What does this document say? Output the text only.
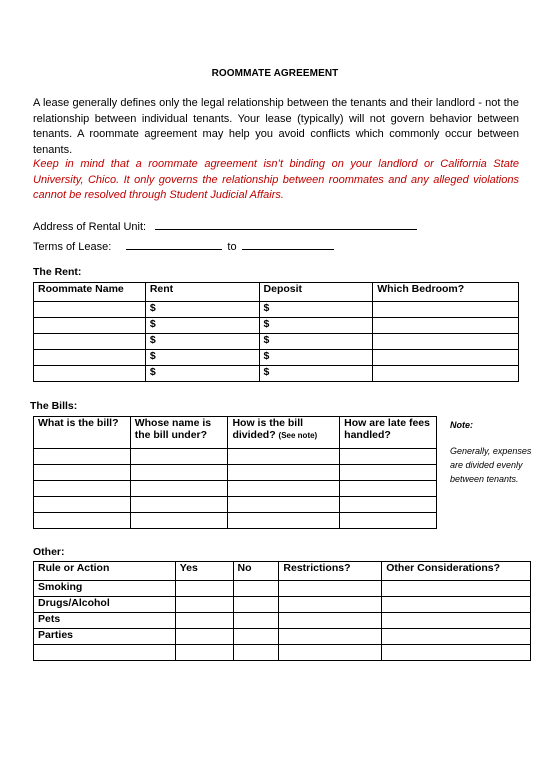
ROOMMATE AGREEMENT
A lease generally defines only the legal relationship between the tenants and their landlord - not the relationship between individual tenants. Your lease (typically) will not govern behavior between tenants. A roommate agreement may help you avoid conflicts which commonly occur between tenants.
Keep in mind that a roommate agreement isn’t binding on your landlord or California State University, Chico. It only governs the relationship between roommates and any alleged violations cannot be resolved through Student Judicial Affairs.
Address of Rental Unit:
Terms of Lease:	to
The Rent:
Roommate Name	Rent	Deposit	Which Bedroom?
	$	$	
	$	$	
	$	$	
	$	$	
	$	$	
The Bills:
What is the bill?	Whose name is the bill under?	How is the bill divided? (See note)	How are late fees handled?

Note:
Generally, expenses are divided evenly between tenants.
Other:
Rule or Action	Yes	No	Restrictions?	Other Considerations?
Smoking				
Drugs/Alcohol				
Pets				
Parties				
